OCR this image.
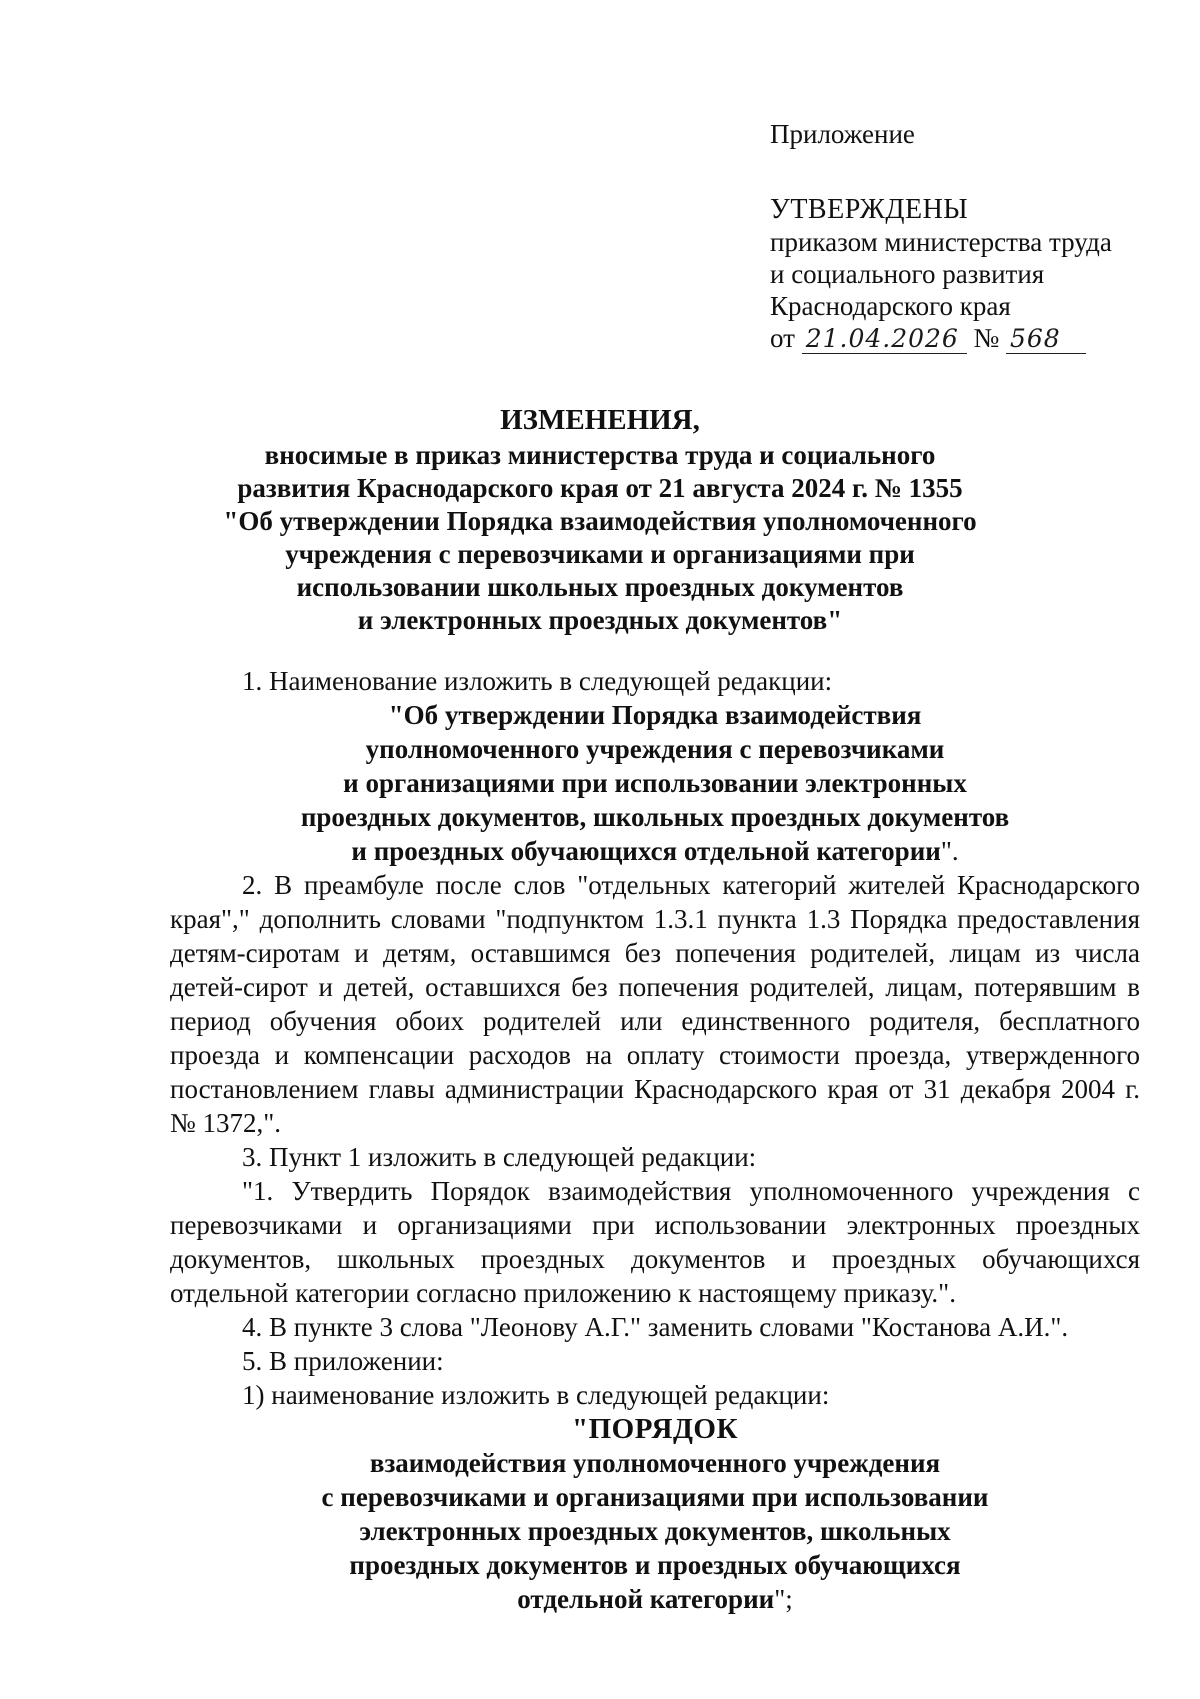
Приложение
УТВЕРЖДЕНЫ
приказом министерства труда
и социального развития
Краснодарского края
от 21.04.2026 № 568
ИЗМЕНЕНИЯ,
вносимые в приказ министерства труда и социального
развития Краснодарского края от 21 августа 2024 г. № 1355
"Об утверждении Порядка взаимодействия уполномоченного
учреждения с перевозчиками и организациями при
использовании школьных проездных документов
и электронных проездных документов"

1. Наименование изложить в следующей редакции:

"Об утверждении Порядка взаимодействия
уполномоченного учреждения с перевозчиками
и организациями при использовании электронных
проездных документов, школьных проездных документов
и проездных обучающихся отдельной категории".

2. В преамбуле после слов "отдельных категорий жителей Краснодарского края"," дополнить словами "подпунктом 1.3.1 пункта 1.3 Порядка предоставления детям-сиротам и детям, оставшимся без попечения родителей, лицам из числа детей-сирот и детей, оставшихся без попечения родителей, лицам, потерявшим в период обучения обоих родителей или единственного родителя, бесплатного проезда и компенсации расходов на оплату стоимости проезда, утвержденного постановлением главы администрации Краснодарского края от 31 декабря 2004 г. № 1372,".

3. Пункт 1 изложить в следующей редакции:

"1. Утвердить Порядок взаимодействия уполномоченного учреждения с перевозчиками и организациями при использовании электронных проездных документов, школьных проездных документов и проездных обучающихся отдельной категории согласно приложению к настоящему приказу.".

4. В пункте 3 слова "Леонову А.Г." заменить словами "Костанова А.И.".

5. В приложении:

1) наименование изложить в следующей редакции:

"ПОРЯДОК
взаимодействия уполномоченного учреждения
с перевозчиками и организациями при использовании
электронных проездных документов, школьных
проездных документов и проездных обучающихся
отдельной категории";
